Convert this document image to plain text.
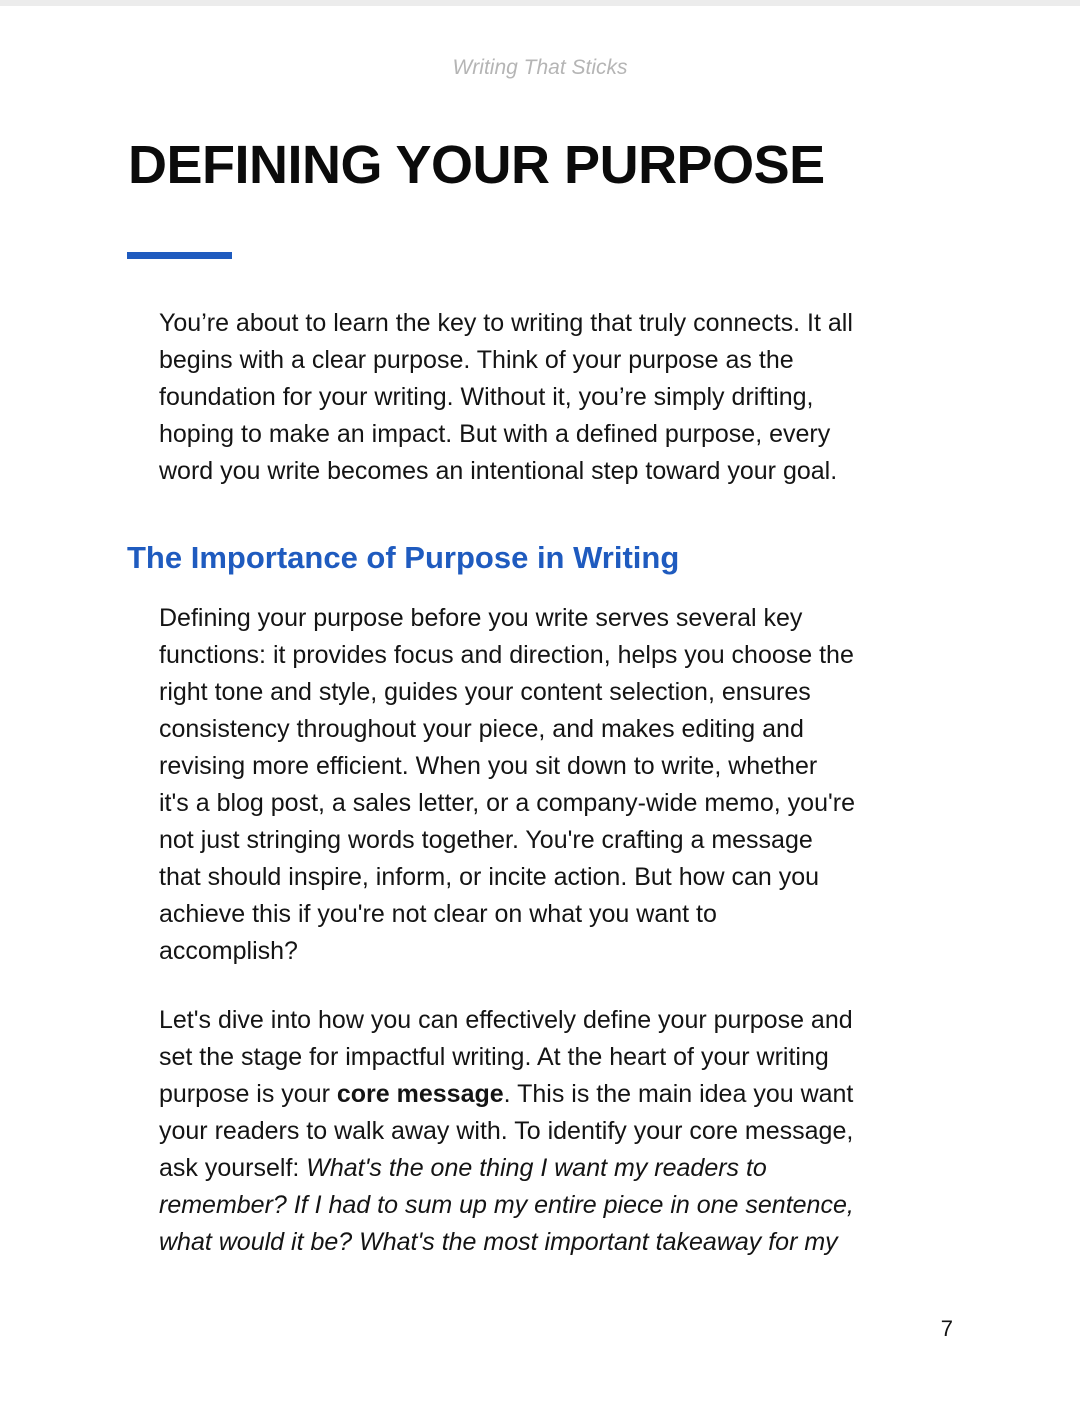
Writing That Sticks
DEFINING YOUR PURPOSE

You’re about to learn the key to writing that truly connects. It all
begins with a clear purpose. Think of your purpose as the
foundation for your writing. Without it, you’re simply drifting,
hoping to make an impact. But with a defined purpose, every
word you write becomes an intentional step toward your goal.

The Importance of Purpose in Writing

Defining your purpose before you write serves several key
functions: it provides focus and direction, helps you choose the
right tone and style, guides your content selection, ensures
consistency throughout your piece, and makes editing and
revising more efficient. When you sit down to write, whether
it's a blog post, a sales letter, or a company-wide memo, you're
not just stringing words together. You're crafting a message
that should inspire, inform, or incite action. But how can you
achieve this if you're not clear on what you want to
accomplish?

Let's dive into how you can effectively define your purpose and
set the stage for impactful writing. At the heart of your writing
purpose is your core message. This is the main idea you want
your readers to walk away with. To identify your core message,
ask yourself: What's the one thing I want my readers to
remember? If I had to sum up my entire piece in one sentence,
what would it be? What's the most important takeaway for my

7
